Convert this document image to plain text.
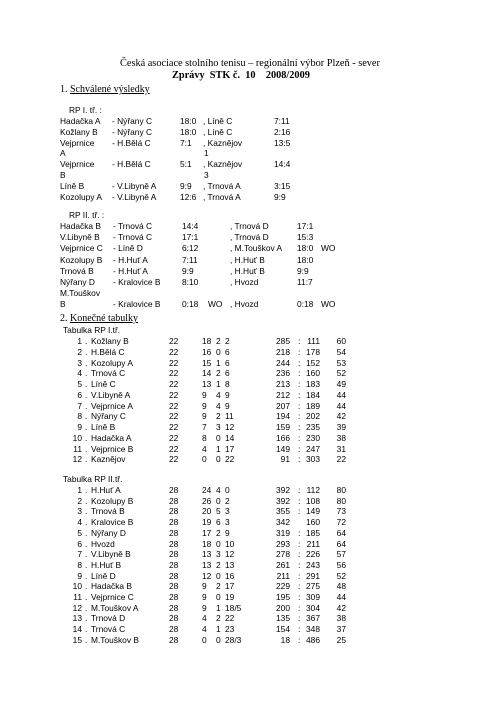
Česká asociace stolního tenisu – regionální výbor Plzeň - sever
Zprávy  STK č.  10    2008/2009
1. Schválené výsledky
RP I. tř. :
Hadačka A - Nýřany C	18:0 , Líně C	7:11
Kožlany B - Nýřany C	18:0 , Líně C	2:16
Vejprnice - H.Bělá C	7:1 , Kaznějov	13:5
A	1
Vejprnice - H.Bělá C	5:1 , Kaznějov	14:4
B	3
Líně B	- V.Libyně A	9:9 , Trnová A	3:15
Kozolupy A - V.Libyně A	12:6 , Trnová A	9:9
RP II. tř. :
Hadačka B - Trnová C	14:4	, Trnová D	17:1
V.Libyně B - Trnová C	17:1	, Trnová D	15:3
Vejprnice C - Líně D	6:12	, M.Touškov A 18:0 WO
Kozolupy B - H.Huť A	7:11	, H.Huť B	18:0
Trnová B - H.Huť A	9:9	, H.Huť B	9:9
Nýřany D - Kralovice B	8:10	, Hvozd	11:7
M.Touškov
- Kralovice B	0:18 WO , Hvozd	0:18 WO
B
2. Konečné tabulky
Tabulka RP I.tř.
1 . Kožlany B	22	18 2 2	285 : 111	60
2 . H.Bělá C	22	16 0 6	218 : 178	54
3 . Kozolupy A	22	15 1 6	244 : 152	53
4 . Trnová C	22	14 2 6	236 : 160	52
5 . Líně C	22	13 1 8	213 : 183	49
6 . V.Libyně A	22	9 4 9	212 : 184	44
7 . Vejprnice A	22	9 4 9	207 : 189	44
8 . Nýřany C	22	9 2 11	194 : 202	42
9 . Líně B	22	7 3 12	159 : 235	39
10 . Hadačka A	22	8 0 14	166 : 230	38
11 . Vejprnice B	22	4 1 17	149 : 247	31
12 . Kaznějov	22	0 0 22	91 : 303	22
Tabulka RP II.tř.
1 . H.Huť A	28	24 4 0	392 : 112	80
2 . Kozolupy B	28	26 0 2	392 : 108	80
3 . Trnová B	28	20 5 3	355 : 149	73
4 . Kralovice B	28	19 6 3	342	160	72
5 . Nýřany D	28	17 2 9	319 : 185	64
6 . Hvozd	28	18 0 10	293 : 211	64
7 . V.Libyně B	28	13 3 12	278 : 226	57
8 . H.Huť B	28	13 2 13	261 : 243	56
9 . Líně D	28	12 0 16	211 : 291	52
10 . Hadačka B	28	9 2 17	229 : 275	48
11 . Vejprnice C	28	9 0 19	195 : 309	44
12 . M.Touškov A	28	9 1 18/5	200 : 304	42
13 . Trnová D	28	4 2 22	135 : 367	38
14 . Trnová C	28	4 1 23	154 : 348	37
15 . M.Touškov B	28	0 0 28/3	18 : 486	25
